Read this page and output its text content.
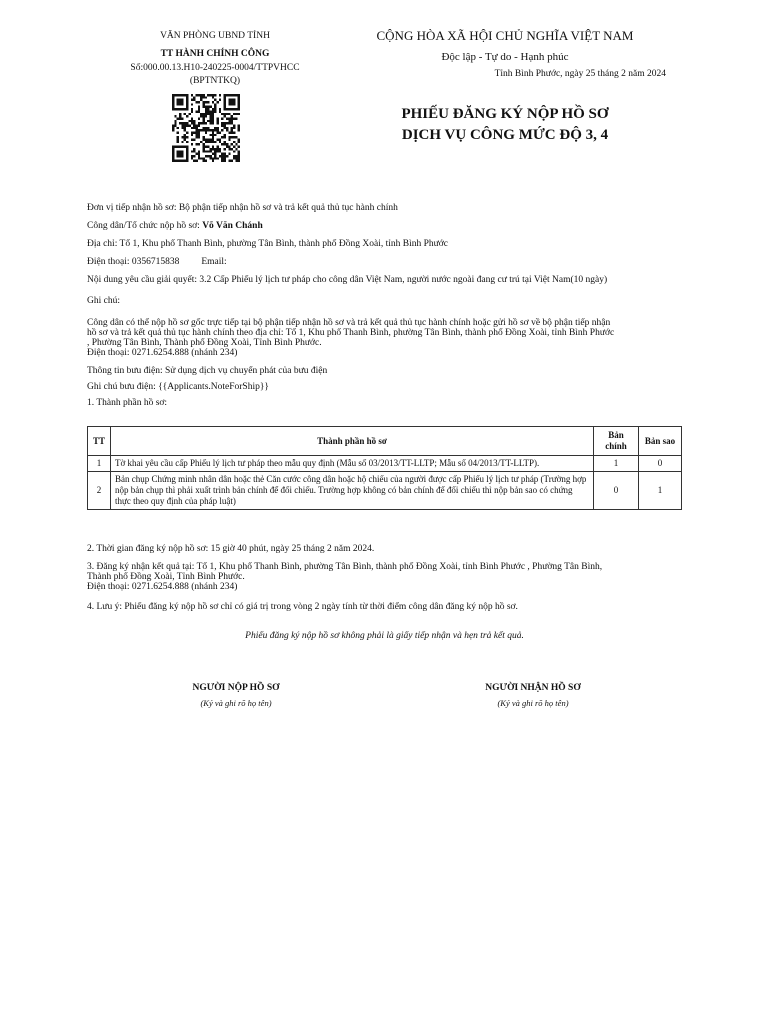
VĂN PHÒNG UBND TỈNH
TT HÀNH CHÍNH CÔNG
Số:000.00.13.H10-240225-0004/TTPVHCC
(BPTNTKQ)
CỘNG HÒA XÃ HỘI CHỦ NGHĨA VIỆT NAM
Độc lập - Tự do - Hạnh phúc
Tỉnh Bình Phước, ngày 25 tháng 2 năm 2024
PHIẾU ĐĂNG KÝ NỘP HỒ SƠ
DỊCH VỤ CÔNG MỨC ĐỘ 3, 4
Đơn vị tiếp nhận hồ sơ: Bộ phận tiếp nhận hồ sơ và trả kết quả thủ tục hành chính
Công dân/Tổ chức nộp hồ sơ: Võ Văn Chánh
Địa chỉ: Tổ 1, Khu phố Thanh Bình, phường Tân Bình, thành phố Đồng Xoài, tỉnh Bình Phước
Điện thoại: 0356715838 Email:
Nội dung yêu cầu giải quyết: 3.2 Cấp Phiếu lý lịch tư pháp cho công dân Việt Nam, người nước ngoài đang cư trú tại Việt Nam(10 ngày)
Ghi chú:
Công dân có thể nộp hồ sơ gốc trực tiếp tại bộ phận tiếp nhận hồ sơ và trả kết quả thủ tục hành chính hoặc gửi hồ sơ về bộ phận tiếp nhận
hồ sơ và trả kết quả thủ tục hành chính theo địa chỉ: Tổ 1, Khu phố Thanh Bình, phường Tân Bình, thành phố Đồng Xoài, tỉnh Bình Phước
, Phường Tân Bình, Thành phố Đồng Xoài, Tỉnh Bình Phước.
Điện thoại: 0271.6254.888 (nhánh 234)
Thông tin bưu điện: Sử dụng dịch vụ chuyển phát của bưu điện
Ghi chú bưu điện: {{Applicants.NoteForShip}}
1. Thành phần hồ sơ:
TT	Thành phần hồ sơ	Bản chính	Bản sao
1	Tờ khai yêu cầu cấp Phiếu lý lịch tư pháp theo mẫu quy định (Mẫu số 03/2013/TT-LLTP; Mẫu số 04/2013/TT-LLTP).	1	0
2	Bản chụp Chứng minh nhân dân hoặc thẻ Căn cước công dân hoặc hộ chiếu của người được cấp Phiếu lý lịch tư pháp (Trường hợp nộp bản chụp thì phải xuất trình bản chính để đối chiếu. Trường hợp không có bản chính để đối chiếu thì nộp bản sao có chứng thực theo quy định của pháp luật)	0	1
2. Thời gian đăng ký nộp hồ sơ: 15 giờ 40 phút, ngày 25 tháng 2 năm 2024.
3. Đăng ký nhận kết quả tại: Tổ 1, Khu phố Thanh Bình, phường Tân Bình, thành phố Đồng Xoài, tỉnh Bình Phước , Phường Tân Bình,
Thành phố Đồng Xoài, Tỉnh Bình Phước.
Điện thoại: 0271.6254.888 (nhánh 234)
4. Lưu ý: Phiếu đăng ký nộp hồ sơ chỉ có giá trị trong vòng 2 ngày tính từ thời điểm công dân đăng ký nộp hồ sơ.
Phiếu đăng ký nộp hồ sơ không phải là giấy tiếp nhận và hẹn trả kết quả.
NGƯỜI NỘP HỒ SƠ
(Ký và ghi rõ họ tên)
NGƯỜI NHẬN HỒ SƠ
(Ký và ghi rõ họ tên)
